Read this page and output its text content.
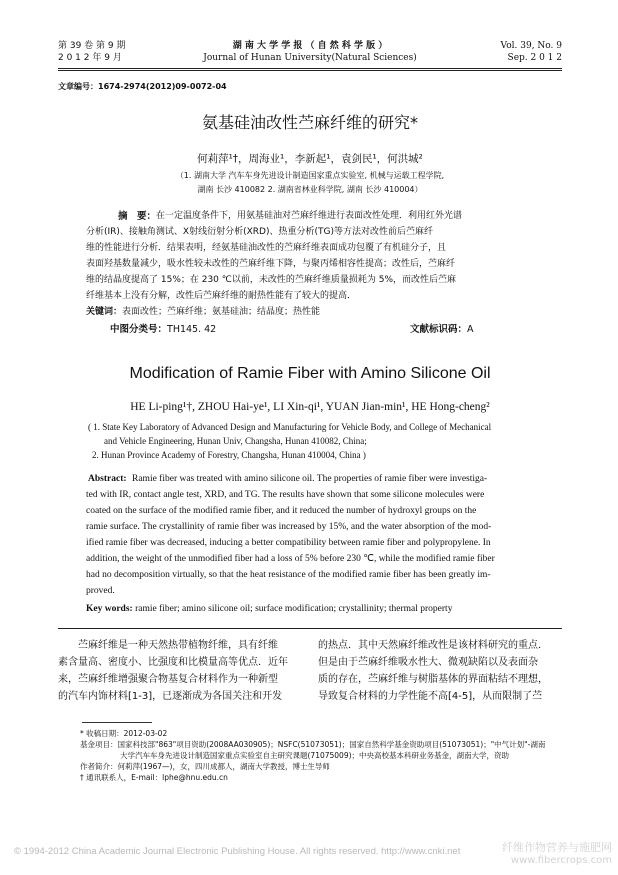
第 39 卷 第 9 期
2 0 1 2 年 9 月
湖 南 大 学 学 报 （ 自 然 科 学 版 ）
Journal of Hunan University(Natural Sciences)
Vol. 39, No. 9
Sep. 2 0 1 2
文章编号：1674-2974(2012)09-0072-04
氨基硅油改性苎麻纤维的研究*
何莉萍¹†，周海业¹，李新起¹，袁剑民¹，何洪城²
（1. 湖南大学 汽车车身先进设计制造国家重点实验室, 机械与运载工程学院,
湖南 长沙 410082 2. 湖南省林业科学院, 湖南 长沙 410004）
摘　要： 在一定温度条件下，用氨基硅油对苎麻纤维进行表面改性处理．利用红外光谱
分析(IR)、接触角测试、X射线衍射分析(XRD)、热重分析(TG)等方法对改性前后苎麻纤
维的性能进行分析．结果表明，经氨基硅油改性的苎麻纤维表面成功包覆了有机硅分子，且
表面羟基数量减少，吸水性较未改性的苎麻纤维下降，与聚丙烯相容性提高；改性后，苎麻纤
维的结晶度提高了 15%；在 230 ℃以前，未改性的苎麻纤维质量损耗为 5%，而改性后苎麻
纤维基本上没有分解，改性后苎麻纤维的耐热性能有了较大的提高．
关键词：表面改性；苎麻纤维；氨基硅油；结晶度；热性能
中图分类号：TH145. 42	文献标识码：A
Modification of Ramie Fiber with Amino Silicone Oil
HE Li-ping¹†, ZHOU Hai-ye¹, LI Xin-qi¹, YUAN Jian-min¹, HE Hong-cheng²
( 1. State Key Laboratory of Advanced Design and Manufacturing for Vehicle Body, and College of Mechanical
and Vehicle Engineering, Hunan Univ, Changsha, Hunan 410082, China;
2. Hunan Province Academy of Forestry, Changsha, Hunan 410004, China )
Abstract: Ramie fiber was treated with amino silicone oil. The properties of ramie fiber were investiga-
ted with IR, contact angle test, XRD, and TG. The results have shown that some silicone molecules were
coated on the surface of the modified ramie fiber, and it reduced the number of hydroxyl groups on the
ramie surface. The crystallinity of ramie fiber was increased by 15%, and the water absorption of the mod-
ified ramie fiber was decreased, inducing a better compatibility between ramie fiber and polypropylene. In
addition, the weight of the unmodified fiber had a loss of 5% before 230 ℃, while the modified ramie fiber
had no decomposition virtually, so that the heat resistance of the modified ramie fiber has been greatly im-
proved.
Key words: ramie fiber; amino silicone oil; surface modification; crystallinity; thermal property
苎麻纤维是一种天然热带植物纤维，具有纤维
素含量高、密度小、比强度和比模量高等优点．近年
来，苎麻纤维增强聚合物基复合材料作为一种新型
的汽车内饰材料[1-3]，已逐渐成为各国关注和开发
的热点．其中天然麻纤维改性是该材料研究的重点．
但是由于苎麻纤维吸水性大、微观缺陷以及表面杂
质的存在，苎麻纤维与树脂基体的界面粘结不理想，
导致复合材料的力学性能不高[4-5]，从而限制了苎
* 收稿日期：2012-03-02
基金项目：国家科技部"863"项目资助(2008AA030905)；NSFC(51073051)；国家自然科学基金资助项目(51073051)；"中气计划"-湖南
大学汽车车身先进设计制造国家重点实验室自主研究课题(71075009)；中央高校基本科研业务基金，湖南大学，资助
作者简介：何莉萍(1967—)，女，四川成都人，湖南大学教授，博士生导师
† 通讯联系人，E-mail：lphe@hnu.edu.cn
© 1994-2012 China Academic Journal Electronic Publishing House. All rights reserved. http://www.cnki.net	纤维作物营养与施肥网
www.fibercrops.com
